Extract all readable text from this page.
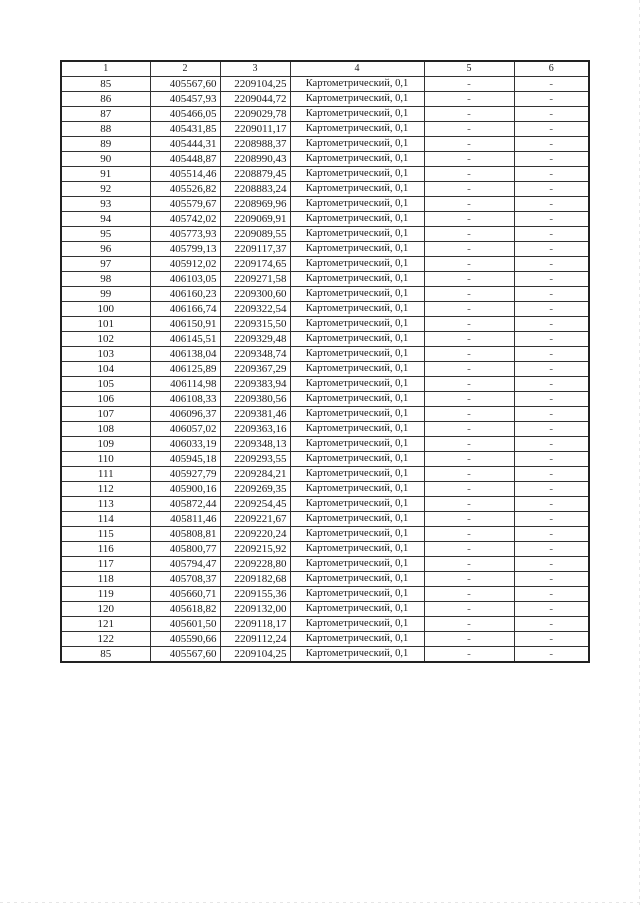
1	2	3	4	5	6
85	405567,60	2209104,25	Картометрический, 0,1	-	-
86	405457,93	2209044,72	Картометрический, 0,1	-	-
87	405466,05	2209029,78	Картометрический, 0,1	-	-
88	405431,85	2209011,17	Картометрический, 0,1	-	-
89	405444,31	2208988,37	Картометрический, 0,1	-	-
90	405448,87	2208990,43	Картометрический, 0,1	-	-
91	405514,46	2208879,45	Картометрический, 0,1	-	-
92	405526,82	2208883,24	Картометрический, 0,1	-	-
93	405579,67	2208969,96	Картометрический, 0,1	-	-
94	405742,02	2209069,91	Картометрический, 0,1	-	-
95	405773,93	2209089,55	Картометрический, 0,1	-	-
96	405799,13	2209117,37	Картометрический, 0,1	-	-
97	405912,02	2209174,65	Картометрический, 0,1	-	-
98	406103,05	2209271,58	Картометрический, 0,1	-	-
99	406160,23	2209300,60	Картометрический, 0,1	-	-
100	406166,74	2209322,54	Картометрический, 0,1	-	-
101	406150,91	2209315,50	Картометрический, 0,1	-	-
102	406145,51	2209329,48	Картометрический, 0,1	-	-
103	406138,04	2209348,74	Картометрический, 0,1	-	-
104	406125,89	2209367,29	Картометрический, 0,1	-	-
105	406114,98	2209383,94	Картометрический, 0,1	-	-
106	406108,33	2209380,56	Картометрический, 0,1	-	-
107	406096,37	2209381,46	Картометрический, 0,1	-	-
108	406057,02	2209363,16	Картометрический, 0,1	-	-
109	406033,19	2209348,13	Картометрический, 0,1	-	-
110	405945,18	2209293,55	Картометрический, 0,1	-	-
111	405927,79	2209284,21	Картометрический, 0,1	-	-
112	405900,16	2209269,35	Картометрический, 0,1	-	-
113	405872,44	2209254,45	Картометрический, 0,1	-	-
114	405811,46	2209221,67	Картометрический, 0,1	-	-
115	405808,81	2209220,24	Картометрический, 0,1	-	-
116	405800,77	2209215,92	Картометрический, 0,1	-	-
117	405794,47	2209228,80	Картометрический, 0,1	-	-
118	405708,37	2209182,68	Картометрический, 0,1	-	-
119	405660,71	2209155,36	Картометрический, 0,1	-	-
120	405618,82	2209132,00	Картометрический, 0,1	-	-
121	405601,50	2209118,17	Картометрический, 0,1	-	-
122	405590,66	2209112,24	Картометрический, 0,1	-	-
85	405567,60	2209104,25	Картометрический, 0,1	-	-
